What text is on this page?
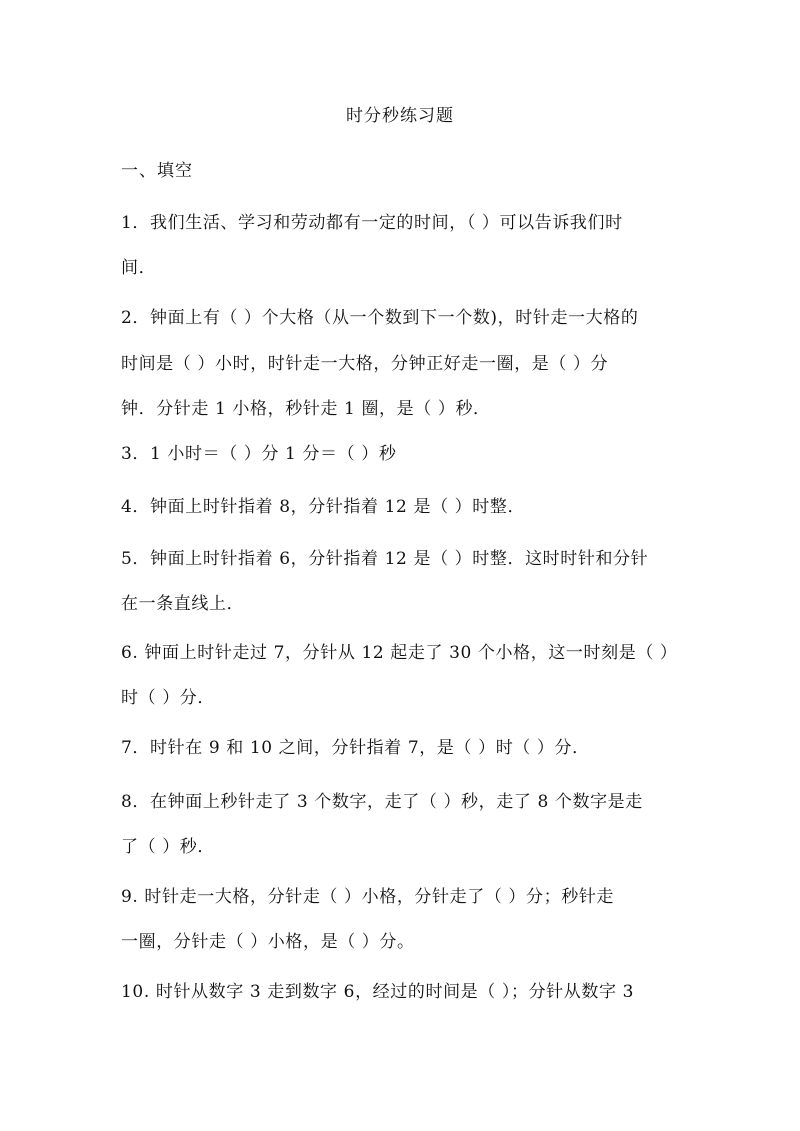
时分秒练习题
一、填空
1．我们生活、学习和劳动都有一定的时间，（ ）可以告诉我们时
间．
2．钟面上有（ ）个大格（从一个数到下一个数)，时针走一大格的
时间是（ ）小时，时针走一大格，分钟正好走一圈，是（ ）分
钟．分针走 1 小格，秒针走 1 圈，是（ ）秒．
3．1 小时＝（ ）分 1 分＝（ ）秒
4．钟面上时针指着 8，分针指着 12 是（ ）时整．
5．钟面上时针指着 6，分针指着 12 是（ ）时整．这时时针和分针
在一条直线上．
6. 钟面上时针走过 7，分针从 12 起走了 30 个小格，这一时刻是（ ）
时（ ）分．
7．时针在 9 和 10 之间，分针指着 7，是（ ）时（ ）分．
8．在钟面上秒针走了 3 个数字，走了（ ）秒，走了 8 个数字是走
了（ ）秒．
9. 时针走一大格，分针走（ ）小格，分针走了（ ）分；秒针走
一圈，分针走（ ）小格，是（ ）分。
10. 时针从数字 3 走到数字 6，经过的时间是（ ）；分针从数字 3
